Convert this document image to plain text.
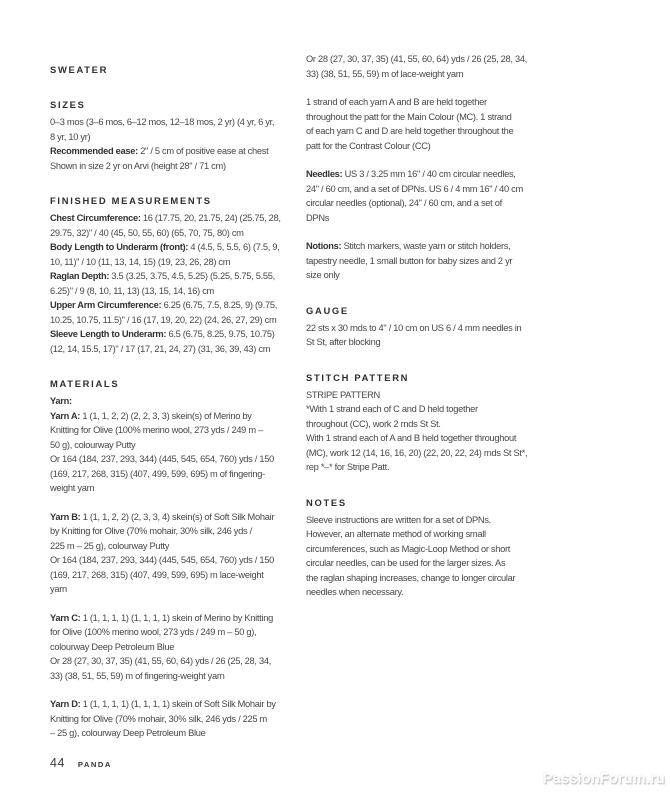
SWEATER
SIZES
0–3 mos (3–6 mos, 6–12 mos, 12–18 mos, 2 yr) (4 yr, 6 yr,
8 yr, 10 yr)
Recommended ease: 2" / 5 cm of positive ease at chest
Shown in size 2 yr on Arvi (height 28" / 71 cm)
FINISHED MEASUREMENTS
Chest Circumference: 16 (17.75, 20, 21.75, 24) (25.75, 28,
29.75, 32)" / 40 (45, 50, 55, 60) (65, 70, 75, 80) cm
Body Length to Underarm (front): 4 (4.5, 5, 5.5, 6) (7.5, 9,
10, 11)" / 10 (11, 13, 14, 15) (19, 23, 26, 28) cm
Raglan Depth: 3.5 (3.25, 3.75, 4.5, 5.25) (5.25, 5.75, 5.55,
6.25)" / 9 (8, 10, 11, 13) (13, 15, 14, 16) cm
Upper Arm Circumference: 6.25 (6.75, 7.5, 8.25, 9) (9.75,
10.25, 10.75, 11.5)" / 16 (17, 19, 20, 22) (24, 26, 27, 29) cm
Sleeve Length to Underarm: 6.5 (6.75, 8.25, 9.75, 10.75)
(12, 14, 15.5, 17)" / 17 (17, 21, 24, 27) (31, 36, 39, 43) cm
MATERIALS
Yarn:
Yarn A: 1 (1, 1, 2, 2) (2, 2, 3, 3) skein(s) of Merino by
Knitting for Olive (100% merino wool, 273 yds / 249 m –
50 g), colourway Putty
Or 164 (184, 237, 293, 344) (445, 545, 654, 760) yds / 150
(169, 217, 268, 315) (407, 499, 599, 695) m of fingering-
weight yarn
Yarn B: 1 (1, 1, 2, 2) (2, 3, 3, 4) skein(s) of Soft Silk Mohair
by Knitting for Olive (70% mohair, 30% silk, 246 yds /
225 m – 25 g), colourway Putty
Or 164 (184, 237, 293, 344) (445, 545, 654, 760) yds / 150
(169, 217, 268, 315) (407, 499, 599, 695) m lace-weight
yarn
Yarn C: 1 (1, 1, 1, 1) (1, 1, 1, 1) skein of Merino by Knitting
for Olive (100% merino wool, 273 yds / 249 m – 50 g),
colourway Deep Petroleum Blue
Or 28 (27, 30, 37, 35) (41, 55, 60, 64) yds / 26 (25, 28, 34,
33) (38, 51, 55, 59) m of fingering-weight yarn
Yarn D: 1 (1, 1, 1, 1) (1, 1, 1, 1) skein of Soft Silk Mohair by
Knitting for Olive (70% mohair, 30% silk, 246 yds / 225 m
– 25 g), colourway Deep Petroleum Blue
Or 28 (27, 30, 37, 35) (41, 55, 60, 64) yds / 26 (25, 28, 34,
33) (38, 51, 55, 59) m of lace-weight yarn
1 strand of each yarn A and B are held together
throughout the patt for the Main Colour (MC). 1 strand
of each yarn C and D are held together throughout the
patt for the Contrast Colour (CC)
Needles: US 3 / 3.25 mm 16" / 40 cm circular needles,
24" / 60 cm, and a set of DPNs. US 6 / 4 mm 16" / 40 cm
circular needles (optional), 24" / 60 cm, and a set of
DPNs
Notions: Stitch markers, waste yarn or stitch holders,
tapestry needle, 1 small button for baby sizes and 2 yr
size only
GAUGE
22 sts x 30 rnds to 4" / 10 cm on US 6 / 4 mm needles in
St St, after blocking
STITCH PATTERN
STRIPE PATTERN
*With 1 strand each of C and D held together
throughout (CC), work 2 rnds St St.
With 1 strand each of A and B held together throughout
(MC), work 12 (14, 16, 16, 20) (22, 20, 22, 24) rnds St St*,
rep *–* for Stripe Patt.
NOTES
Sleeve instructions are written for a set of DPNs.
However, an alternate method of working small
circumferences, such as Magic-Loop Method or short
circular needles, can be used for the larger sizes. As
the raglan shaping increases, change to longer circular
needles when necessary.
44 PANDA
PassionForum.ru
